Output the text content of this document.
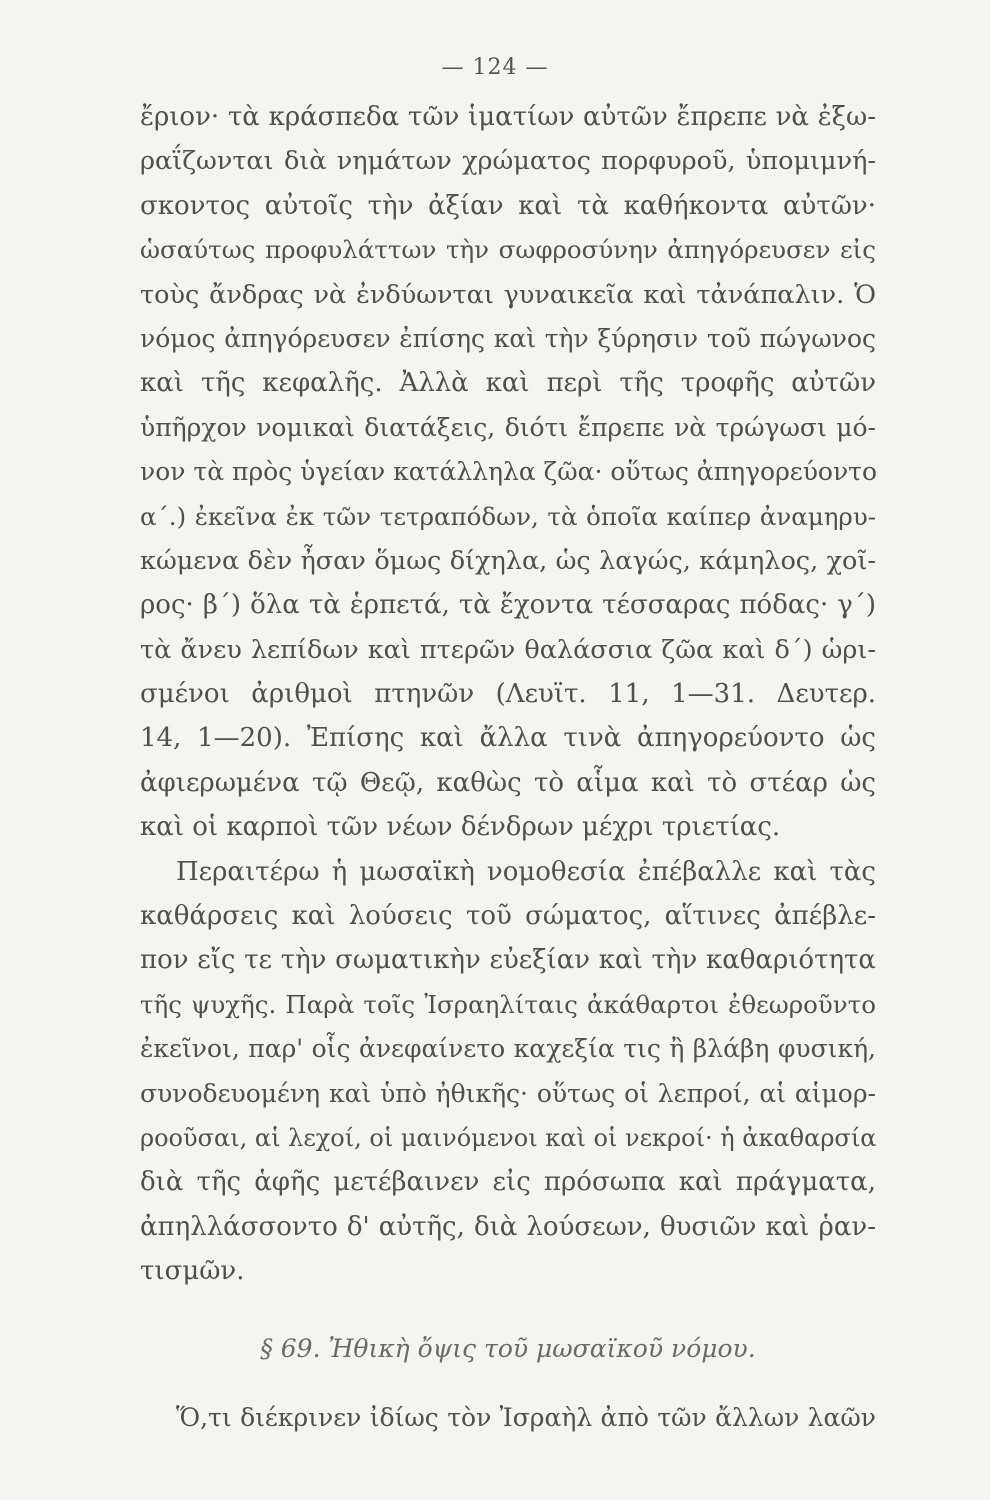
— 124 —
ἔριον· τὰ κράσπεδα τῶν ἱματίων αὐτῶν ἔπρεπε νὰ ἐξω-
ραΐζωνται διὰ νημάτων χρώματος πορφυροῦ, ὑπομιμνή-
σκοντος αὐτοῖς τὴν ἀξίαν καὶ τὰ καθήκοντα αὐτῶν·
ὡσαύτως προφυλάττων τὴν σωφροσύνην ἀπηγόρευσεν εἰς
τοὺς ἄνδρας νὰ ἐνδύωνται γυναικεῖα καὶ τἀνάπαλιν. Ὁ
νόμος ἀπηγόρευσεν ἐπίσης καὶ τὴν ξύρησιν τοῦ πώγωνος
καὶ τῆς κεφαλῆς. Ἀλλὰ καὶ περὶ τῆς τροφῆς αὐτῶν
ὑπῆρχον νομικαὶ διατάξεις, διότι ἔπρεπε νὰ τρώγωσι μό-
νον τὰ πρὸς ὑγείαν κατάλληλα ζῶα· οὕτως ἀπηγορεύοντο
α΄.) ἐκεῖνα ἐκ τῶν τετραπόδων, τὰ ὁποῖα καίπερ ἀναμηρυ-
κώμενα δὲν ἦσαν ὅμως δίχηλα, ὡς λαγώς, κάμηλος, χοῖ-
ρος· β΄) ὅλα τὰ ἑρπετά, τὰ ἔχοντα τέσσαρας πόδας· γ΄)
τὰ ἄνευ λεπίδων καὶ πτερῶν θαλάσσια ζῶα καὶ δ΄) ὡρι-
σμένοι ἀριθμοὶ πτηνῶν (Λευϊτ. 11, 1—31. Δευτερ.
14, 1—20). Ἐπίσης καὶ ἄλλα τινὰ ἀπηγορεύοντο ὡς
ἀφιερωμένα τῷ Θεῷ, καθὼς τὸ αἷμα καὶ τὸ στέαρ ὡς
καὶ οἱ καρποὶ τῶν νέων δένδρων μέχρι τριετίας.
Περαιτέρω ἡ μωσαϊκὴ νομοθεσία ἐπέβαλλε καὶ τὰς
καθάρσεις καὶ λούσεις τοῦ σώματος, αἵτινες ἀπέβλε-
πον εἴς τε τὴν σωματικὴν εὐεξίαν καὶ τὴν καθαριότητα
τῆς ψυχῆς. Παρὰ τοῖς Ἰσραηλίταις ἀκάθαρτοι ἐθεωροῦντο
ἐκεῖνοι, παρ' οἷς ἀνεφαίνετο καχεξία τις ἢ βλάβη φυσική,
συνοδευομένη καὶ ὑπὸ ἠθικῆς· οὕτως οἱ λεπροί, αἱ αἱμορ-
ροοῦσαι, αἱ λεχοί, οἱ μαινόμενοι καὶ οἱ νεκροί· ἡ ἀκαθαρσία
διὰ τῆς ἁφῆς μετέβαινεν εἰς πρόσωπα καὶ πράγματα,
ἀπηλλάσσοντο δ' αὐτῆς, διὰ λούσεων, θυσιῶν καὶ ῥαν-
τισμῶν.
§ 69. Ἠθικὴ ὄψις τοῦ μωσαϊκοῦ νόμου.
Ὅ,τι διέκρινεν ἰδίως τὸν Ἰσραὴλ ἀπὸ τῶν ἄλλων λαῶν
